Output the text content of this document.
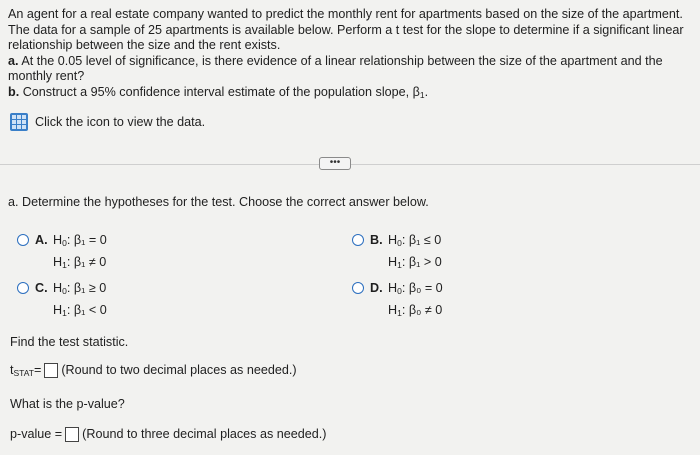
An agent for a real estate company wanted to predict the monthly rent for apartments based on the size of the apartment. The data for a sample of 25 apartments is available below. Perform a t test for the slope to determine if a significant linear relationship between the size and the rent exists.

a. At the 0.05 level of significance, is there evidence of a linear relationship between the size of the apartment and the monthly rent?

b. Construct a 95% confidence interval estimate of the population slope, $\beta_1$.

Click the icon to view the data.
•••
a. Determine the hypotheses for the test. Choose the correct answer below.
A. $H_0$: β₁ = 0
$H_1$: β₁ ≠ 0
B. $H_0$: β₁ ≤ 0
$H_1$: β₁ > 0
C. $H_0$: β₁ ≥ 0
$H_1$: β₁ < 0
D. $H_0$: β₀ = 0
$H_1$: β₀ ≠ 0
Find the test statistic.
$t_{STAT}=$ (Round to two decimal places as needed.)
What is the p-value?
p-value = (Round to three decimal places as needed.)
